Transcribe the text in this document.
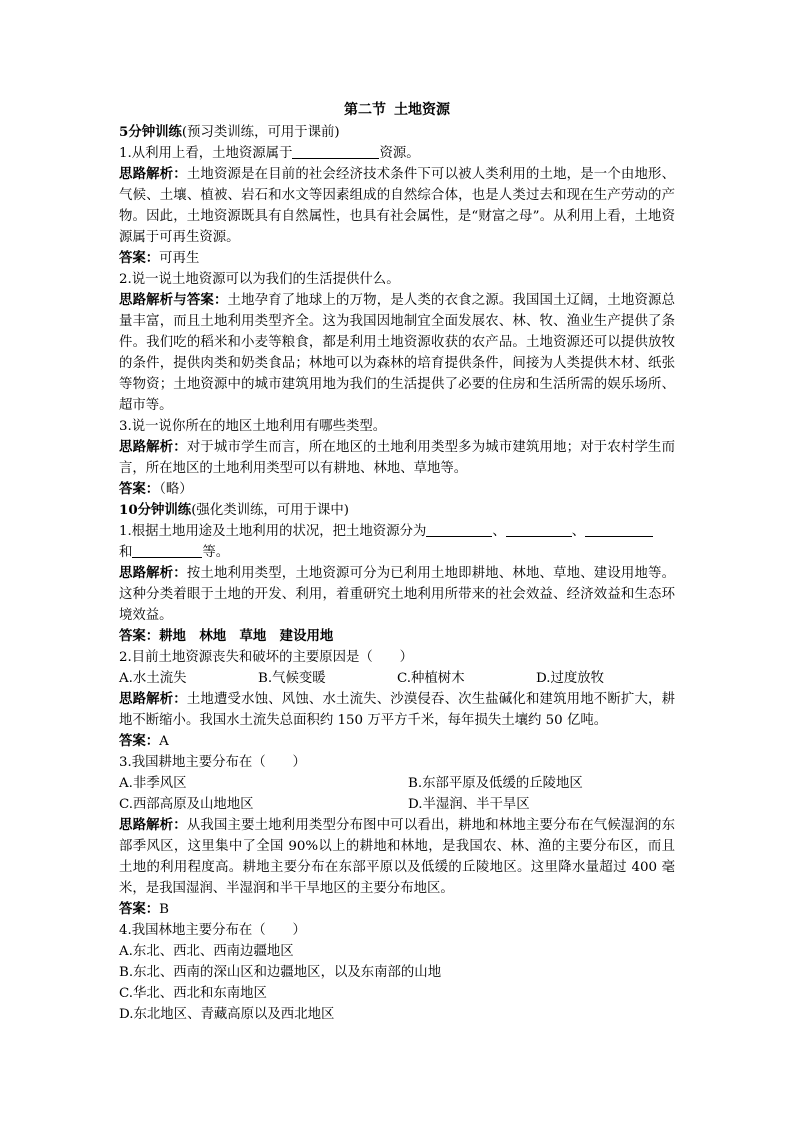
第二节 土地资源

5分钟训练(预习类训练，可用于课前)

1.从利用上看，土地资源属于	资源。

思路解析：土地资源是在目前的社会经济技术条件下可以被人类利用的土地，是一个由地形、气候、土壤、植被、岩石和水文等因素组成的自然综合体，也是人类过去和现在生产劳动的产物。因此，土地资源既具有自然属性，也具有社会属性，是“财富之母”。从利用上看，土地资源属于可再生资源。

答案：可再生

2.说一说土地资源可以为我们的生活提供什么。

思路解析与答案：土地孕育了地球上的万物，是人类的衣食之源。我国国土辽阔，土地资源总量丰富，而且土地利用类型齐全。这为我国因地制宜全面发展农、林、牧、渔业生产提供了条件。我们吃的稻米和小麦等粮食，都是利用土地资源收获的农产品。土地资源还可以提供放牧的条件，提供肉类和奶类食品；林地可以为森林的培育提供条件，间接为人类提供木材、纸张等物资；土地资源中的城市建筑用地为我们的生活提供了必要的住房和生活所需的娱乐场所、超市等。

3.说一说你所在的地区土地利用有哪些类型。

思路解析：对于城市学生而言，所在地区的土地利用类型多为城市建筑用地；对于农村学生而言，所在地区的土地利用类型可以有耕地、林地、草地等。

答案：（略）

10分钟训练(强化类训练，可用于课中)

1.根据土地用途及土地利用的状况，把土地资源分为	、	、
和	等。

思路解析：按土地利用类型，土地资源可分为已利用土地即耕地、林地、草地、建设用地等。这种分类着眼于土地的开发、利用，着重研究土地利用所带来的社会效益、经济效益和生态环境效益。

答案：耕地　林地　草地　建设用地

2.目前土地资源丧失和破坏的主要原因是（　　）

A.水土流失	B.气候变暖	C.种植树木	D.过度放牧

思路解析：土地遭受水蚀、风蚀、水土流失、沙漠侵吞、次生盐碱化和建筑用地不断扩大，耕地不断缩小。我国水土流失总面积约 150 万平方千米，每年损失土壤约 50 亿吨。

答案：A

3.我国耕地主要分布在（　　）

A.非季风区	B.东部平原及低缓的丘陵地区
C.西部高原及山地地区	D.半湿润、半干旱区

思路解析：从我国主要土地利用类型分布图中可以看出，耕地和林地主要分布在气候湿润的东部季风区，这里集中了全国 90%以上的耕地和林地，是我国农、林、渔的主要分布区，而且土地的利用程度高。耕地主要分布在东部平原以及低缓的丘陵地区。这里降水量超过 400 毫米，是我国湿润、半湿润和半干旱地区的主要分布地区。

答案：B

4.我国林地主要分布在（　　）

A.东北、西北、西南边疆地区

B.东北、西南的深山区和边疆地区，以及东南部的山地

C.华北、西北和东南地区

D.东北地区、青藏高原以及西北地区
